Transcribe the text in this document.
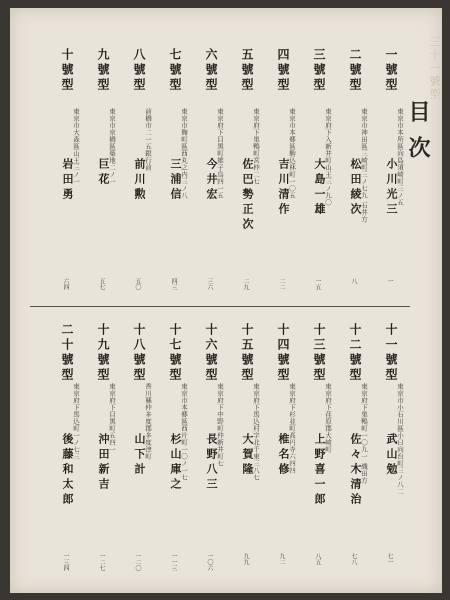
三十一號型
目次
一號型
東京市本所區向島須崎町三ノ五
小川光三
一
二號型
東京市神田區三崎町三ノ七九 石井方
松田綾次
八
三號型
東京府下入新井町山王三ノ九〇
大島一雄
一五
四號型
東京市本郷區駒込林町一〇五
吉川清作
二二
五號型
東京府下巣鴨町宮仲二七
佐巴勢正次
二九
六號型
東京府下目黒町雉子鳥四一五
今井宏
三六
七號型
東京市麹町區西丸之内三ノ八
三浦信
四三
八號型
前橋市二一五銀行前
前川勲
五〇
九號型
東京市京橋區築地二ノ一
巨花
五七
十號型
東京市大森區山王三ノ一
岩田勇
六四
十一號型
東京市小石川區小日向台町三ノ八二
武山勉
七一
十二號型
東京府下巣鴨町一〇九一 織田方
佐々木清治
七八
十三號型
東京府下荏原郡大崎町
上野喜一郎
八五
十四號型
東京府下杉並町高円寺六四四
椎名修
九二
十五號型
東京府下馬込村字北千束三八七
大賀隆
九九
十六號型
東京府下中野町仲新井町七
長野八三
一〇六
十七號型
東京市本郷區西片町一〇ノ一七
杉山庫之
一一三
十八號型
香川縣仲多度郡多度津町
山下計
一二〇
十九號型
東京府下目黒町五四一
沖田新吉
一二七
二十號型
東京府下馬込町一ノ七三
後藤和太郎
一三四
